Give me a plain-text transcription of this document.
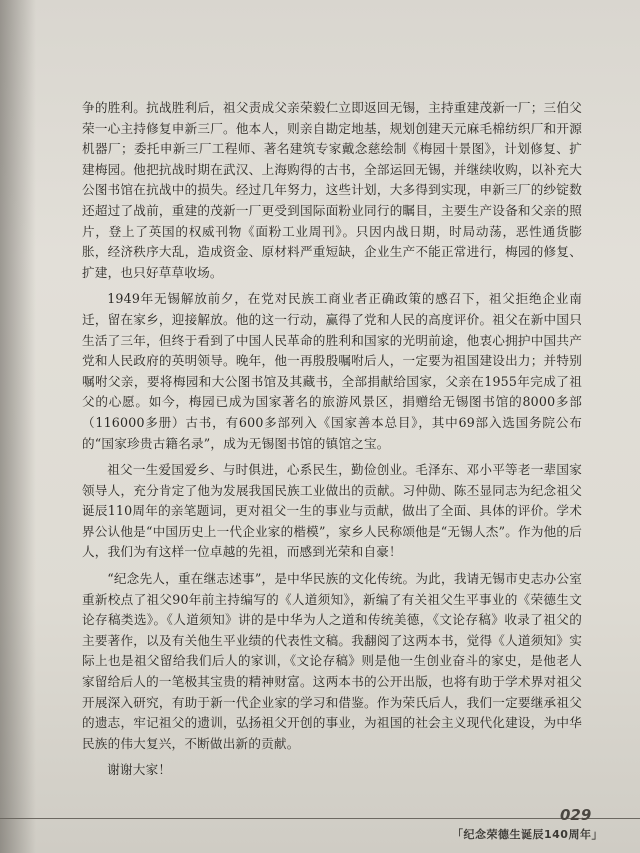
争的胜利。抗战胜利后，祖父责成父亲荣毅仁立即返回无锡，主持重建茂新一厂；三伯父荣一心主持修复申新三厂。他本人，则亲自勘定地基，规划创建天元麻毛棉纺织厂和开源机器厂；委托申新三厂工程师、著名建筑专家戴念慈绘制《梅园十景图》，计划修复、扩建梅园。他把抗战时期在武汉、上海购得的古书，全部运回无锡，并继续收购，以补充大公图书馆在抗战中的损失。经过几年努力，这些计划，大多得到实现，申新三厂的纱锭数还超过了战前，重建的茂新一厂更受到国际面粉业同行的瞩目，主要生产设备和父亲的照片，登上了英国的权威刊物《面粉工业周刊》。只因内战日期，时局动荡，恶性通货膨胀，经济秩序大乱，造成资金、原材料严重短缺，企业生产不能正常进行，梅园的修复、扩建，也只好草草收场。

1949年无锡解放前夕，在党对民族工商业者正确政策的感召下，祖父拒绝企业南迁，留在家乡，迎接解放。他的这一行动，赢得了党和人民的高度评价。祖父在新中国只生活了三年，但终于看到了中国人民革命的胜利和国家的光明前途，他衷心拥护中国共产党和人民政府的英明领导。晚年，他一再殷殷嘱咐后人，一定要为祖国建设出力；并特别嘱咐父亲，要将梅园和大公图书馆及其藏书，全部捐献给国家，父亲在1955年完成了祖父的心愿。如今，梅园已成为国家著名的旅游风景区，捐赠给无锡图书馆的8000多部（116000多册）古书，有600多部列入《国家善本总目》，其中69部入选国务院公布的“国家珍贵古籍名录”，成为无锡图书馆的镇馆之宝。

祖父一生爱国爱乡、与时俱进，心系民生，勤俭创业。毛泽东、邓小平等老一辈国家领导人，充分肯定了他为发展我国民族工业做出的贡献。习仲勋、陈丕显同志为纪念祖父诞辰110周年的亲笔题词，更对祖父一生的事业与贡献，做出了全面、具体的评价。学术界公认他是“中国历史上一代企业家的楷模”，家乡人民称颂他是“无锡人杰”。作为他的后人，我们为有这样一位卓越的先祖，而感到光荣和自豪！

“纪念先人，重在继志述事”，是中华民族的文化传统。为此，我请无锡市史志办公室重新校点了祖父90年前主持编写的《人道须知》，新编了有关祖父生平事业的《荣德生文论存稿类选》。《人道须知》讲的是中华为人之道和传统美德，《文论存稿》收录了祖父的主要著作，以及有关他生平业绩的代表性文稿。我翻阅了这两本书，觉得《人道须知》实际上也是祖父留给我们后人的家训，《文论存稿》则是他一生创业奋斗的家史，是他老人家留给后人的一笔极其宝贵的精神财富。这两本书的公开出版，也将有助于学术界对祖父开展深入研究，有助于新一代企业家的学习和借鉴。作为荣氏后人，我们一定要继承祖父的遗志，牢记祖父的遗训，弘扬祖父开创的事业，为祖国的社会主义现代化建设，为中华民族的伟大复兴，不断做出新的贡献。

谢谢大家！

029
「纪念荣德生诞辰140周年」
